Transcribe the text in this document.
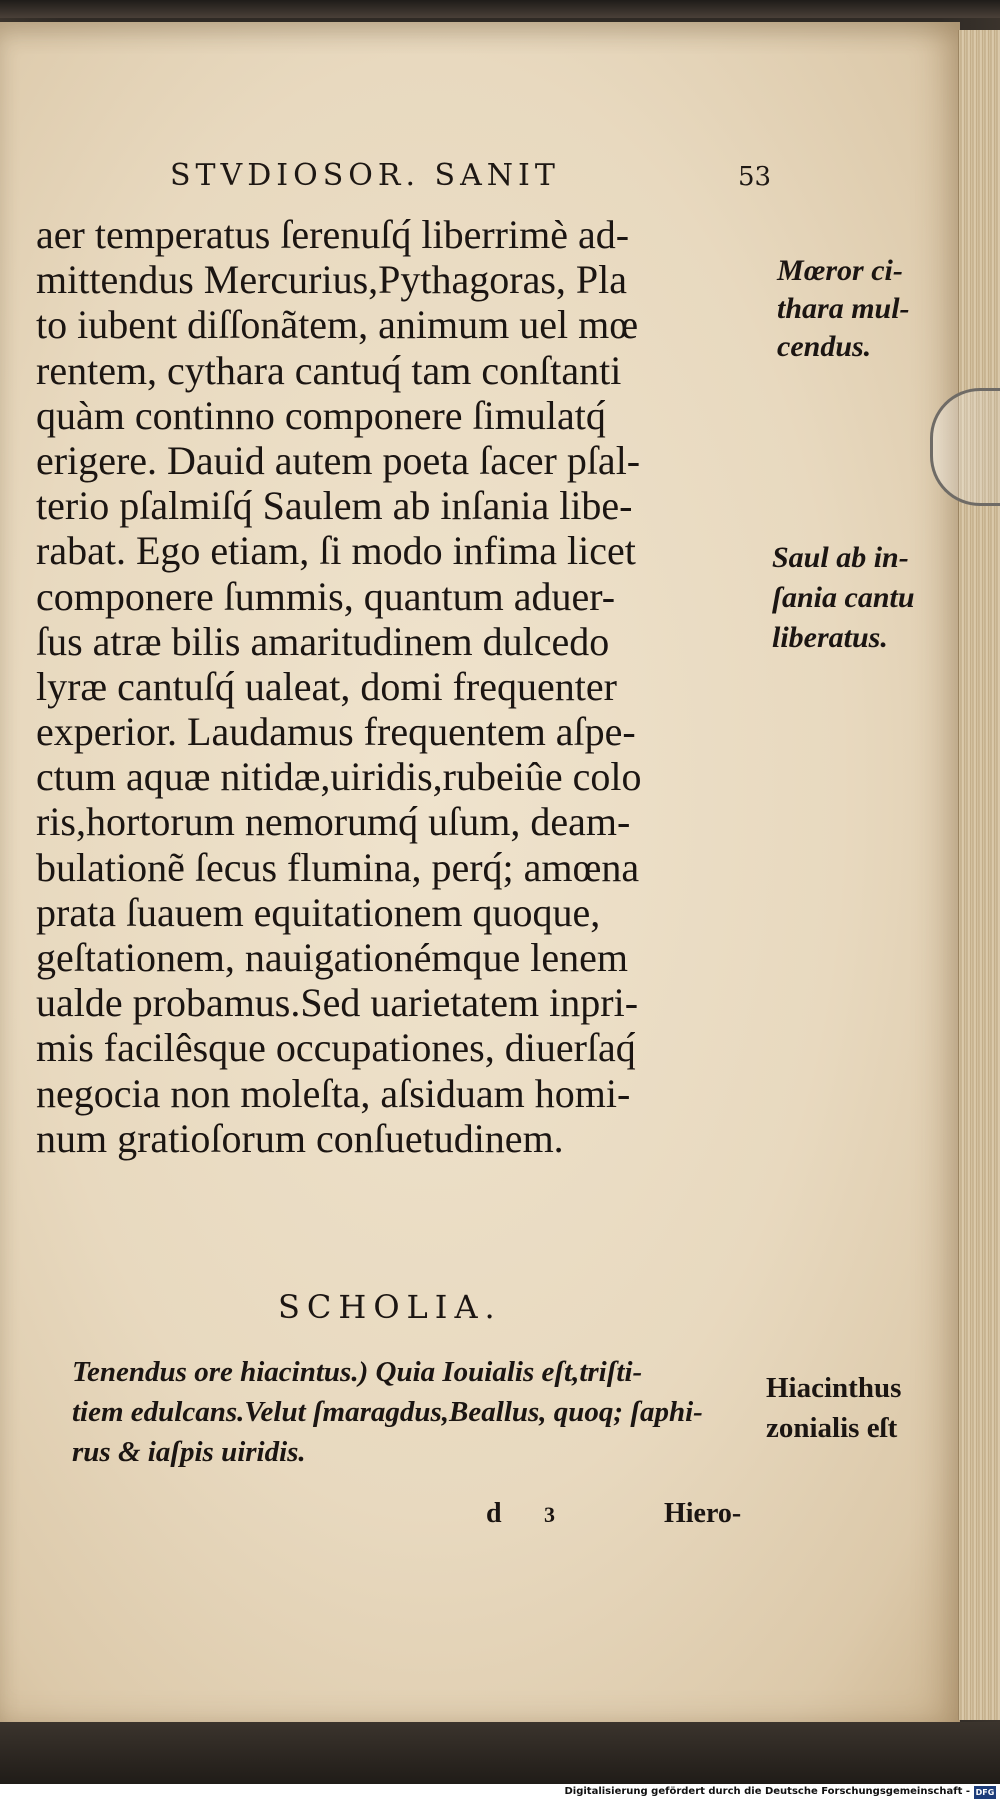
STVDIOSOR. SANIT	53
aer temperatus ſerenuſq́ liberrimè ad-
mittendus Mercurius,Pythagoras, Pla
to iubent diſſonãtem, animum uel mœ
rentem, cythara cantuq́ tam conſtanti
quàm continno componere ſimulatq́
erigere. Dauid autem poeta ſacer pſal-
terio pſalmiſq́ Saulem ab inſania libe-
rabat. Ego etiam, ſi modo infima licet
componere ſummis, quantum aduer-
ſus atræ bilis amaritudinem dulcedo
lyræ cantuſq́ ualeat, domi frequenter
experior. Laudamus frequentem aſpe-
ctum aquæ nitidæ,uiridis,rubeiûe colo
ris,hortorum nemorumq́ uſum, deam-
bulationẽ ſecus flumina, perq́; amœna
prata ſuauem equitationem quoque,
geſtationem, nauigationémque lenem
ualde probamus.Sed uarietatem inpri-
mis facilêsque occupationes, diuerſaq́
negocia non moleſta, aſsiduam homi-
num gratioſorum conſuetudinem.
Mœror ci-
thara mul-
cendus.
Saul ab in-
ſania cantu
liberatus.
SCHOLIA.
Tenendus ore hiacintus.) Quia Iouialis eſt,triſti-
tiem edulcans.Velut ſmaragdus,Beallus, quoq; ſaphi-
rus & iaſpis uiridis.
Hiacinthus
zonialis eſt
d 3	Hiero-
Digitalisierung gefördert durch die Deutsche Forschungsgemeinschaft - DFG
